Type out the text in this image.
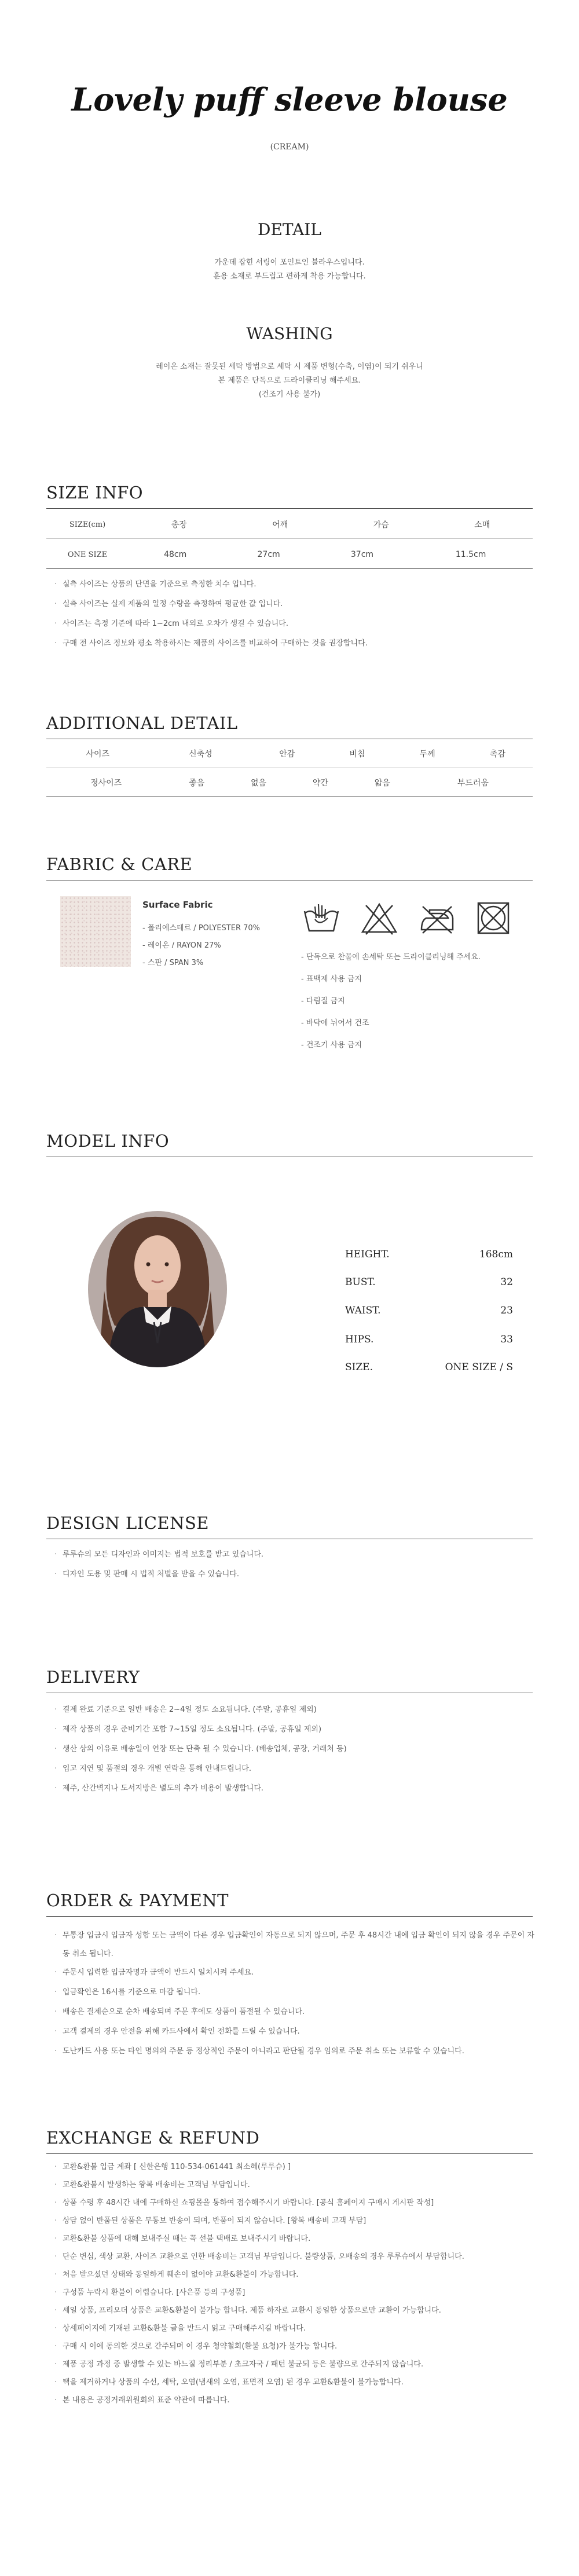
Lovely puff sleeve blouse
(CREAM)
DETAIL
가운데 잡힌 셔링이 포인트인 블라우스입니다.
훈용 소재로 부드럽고 편하게 착용 가능합니다.
WASHING
레이온 소재는 잘못된 세탁 방법으로 세탁 시 제품 변형(수축, 이염)이 되기 쉬우니
본 제품은 단독으로 드라이클리닝 해주세요.
(건조기 사용 불가)
SIZE INFO
SIZE(cm)	총장	어깨	가슴	소매
ONE SIZE	48cm	27cm	37cm	11.5cm
· 실측 사이즈는 상품의 단면을 기준으로 측정한 치수 입니다.
· 실측 사이즈는 실제 제품의 일정 수량을 측정하여 평균한 값 입니다.
· 사이즈는 측정 기준에 따라 1~2cm 내외로 오차가 생길 수 있습니다.
· 구매 전 사이즈 정보와 평소 착용하시는 제품의 사이즈를 비교하여 구매하는 것을 권장합니다.
ADDITIONAL DETAIL
사이즈	신축성	안감	비침	두께	촉감
정사이즈	좋음	없음	약간	얇음	부드러움
FABRIC & CARE
Surface Fabric
- 폴리에스테르 / POLYESTER 70%
- 레이온 / RAYON 27%
- 스판 / SPAN 3%
- 단독으로 찬물에 손세탁 또는 드라이클리닝해 주세요.
- 표백제 사용 금지
- 다림질 금지
- 바닥에 뉘어서 건조
- 건조기 사용 금지
MODEL INFO
HEIGHT.	168cm
BUST.	32
WAIST.	23
HIPS.	33
SIZE.	ONE SIZE / S
DESIGN LICENSE
· 루루슈의 모든 디자인과 이미지는 법적 보호를 받고 있습니다.
· 디자인 도용 및 판매 시 법적 처벌을 받을 수 있습니다.
DELIVERY
· 결제 완료 기준으로 일반 배송은 2~4일 정도 소요됩니다. (주말, 공휴일 제외)
· 제작 상품의 경우 준비기간 포함 7~15일 정도 소요됩니다. (주말, 공휴일 제외)
· 생산 상의 이유로 배송일이 연장 또는 단축 될 수 있습니다. (배송업체, 공장, 거래처 등)
· 입고 지연 및 품절의 경우 개별 연락을 통해 안내드립니다.
· 제주, 산간벽지나 도서지방은 별도의 추가 비용이 발생합니다.
ORDER & PAYMENT
· 무통장 입금시 입금자 성함 또는 금액이 다른 경우 입금확인이 자동으로 되지 않으며, 주문 후 48시간 내에 입금 확인이 되지 않을 경우 주문이 자동 취소 됩니다.
· 주문시 입력한 입금자명과 금액이 반드시 일치시켜 주세요.
· 입금확인은 16시를 기준으로 마감 됩니다.
· 배송은 결제순으로 순차 배송되며 주문 후에도 상품이 품절될 수 있습니다.
· 고객 결제의 경우 안전을 위해 카드사에서 확인 전화를 드릴 수 있습니다.
· 도난카드 사용 또는 타인 명의의 주문 등 정상적인 주문이 아니라고 판단될 경우 임의로 주문 취소 또는 보류할 수 있습니다.
EXCHANGE & REFUND
· 교환&환불 입금 계좌 [ 신한은행 110-534-061441 최소혜(루루슈) ]
· 교환&환불시 발생하는 왕복 배송비는 고객님 부담입니다.
· 상품 수령 후 48시간 내에 구매하신 쇼핑몰을 통하여 접수해주시기 바랍니다. [공식 홈페이지 구매시 게시판 작성]
· 상담 없이 반품된 상품은 무통보 반송이 되며, 반품이 되지 않습니다. [왕복 배송비 고객 부담]
· 교환&환불 상품에 대해 보내주실 때는 꼭 선불 택배로 보내주시기 바랍니다.
· 단순 변심, 색상 교환, 사이즈 교환으로 인한 배송비는 고객님 부담입니다. 불량상품, 오배송의 경우 루루슈에서 부담합니다.
· 처음 받으셨던 상태와 동일하게 훼손이 없어야 교환&환불이 가능합니다.
· 구성품 누락시 환불이 어렵습니다. [사은품 등의 구성품]
· 세일 상품, 프리오더 상품은 교환&환불이 불가능 합니다. 제품 하자로 교환시 동일한 상품으로만 교환이 가능합니다.
· 상세페이지에 기재된 교환&환불 글을 반드시 읽고 구매해주시길 바랍니다.
· 구매 시 이에 동의한 것으로 간주되며 이 경우 청약철회(환불 요청)가 불가능 합니다.
· 제품 공정 과정 중 발생할 수 있는 바느질 정리부분 / 초크자국 / 패턴 불균되 등은 불량으로 간주되지 않습니다.
· 택을 제거하거나 상품의 수선, 세탁, 오염(냄새의 오염, 표면적 오염) 된 경우 교환&환불이 불가능합니다.
· 본 내용은 공정거래위원회의 표준 약관에 따릅니다.
